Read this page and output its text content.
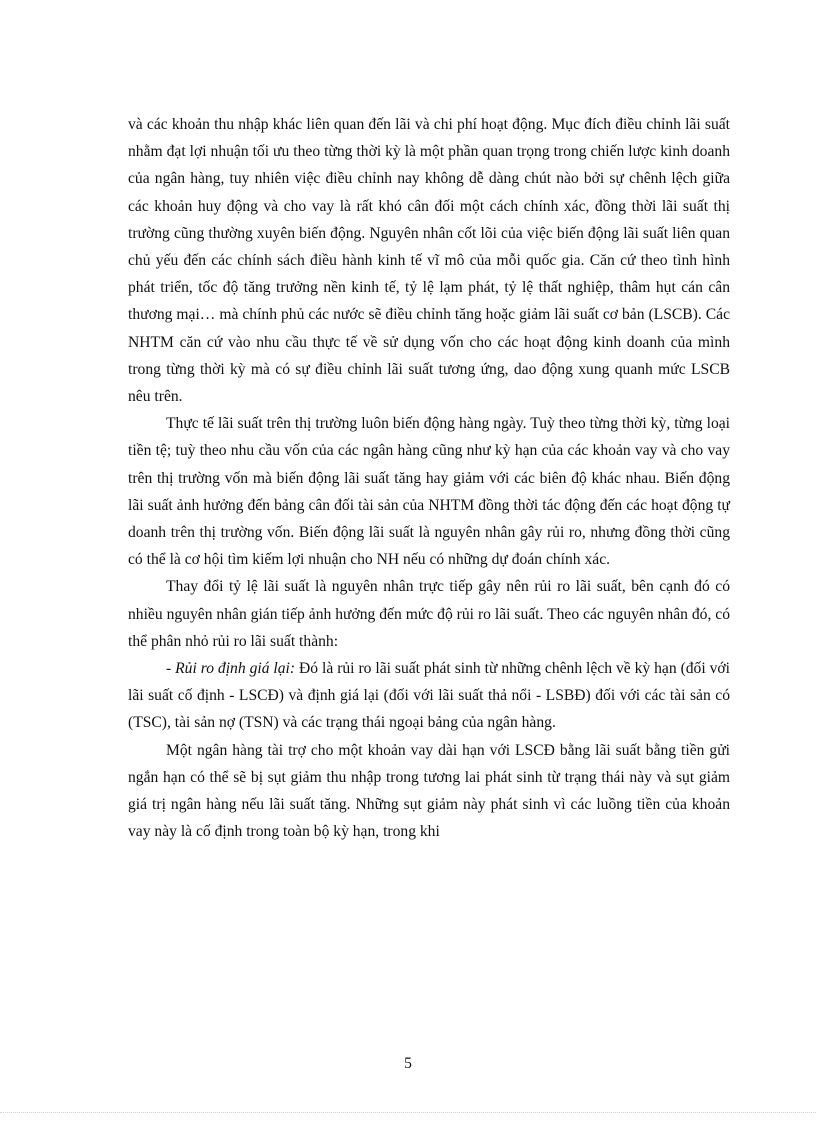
và các khoản thu nhập khác liên quan đến lãi và chi phí hoạt động. Mục đích điều chỉnh lãi suất nhằm đạt lợi nhuận tối ưu theo từng thời kỳ là một phần quan trọng trong chiến lược kinh doanh của ngân hàng, tuy nhiên việc điều chỉnh nay không dễ dàng chút nào bởi sự chênh lệch giữa các khoản huy động và cho vay là rất khó cân đối một cách chính xác, đồng thời lãi suất thị trường cũng thường xuyên biến động. Nguyên nhân cốt lõi của việc biến động lãi suất liên quan chủ yếu đến các chính sách điều hành kinh tế vĩ mô của mỗi quốc gia. Căn cứ theo tình hình phát triển, tốc độ tăng trưởng nền kinh tế, tỷ lệ lạm phát, tỷ lệ thất nghiệp, thâm hụt cán cân thương mại… mà chính phủ các nước sẽ điều chỉnh tăng hoặc giảm lãi suất cơ bản (LSCB). Các NHTM căn cứ vào nhu cầu thực tế về sử dụng vốn cho các hoạt động kinh doanh của mình trong từng thời kỳ mà có sự điều chỉnh lãi suất tương ứng, dao động xung quanh mức LSCB nêu trên.

Thực tế lãi suất trên thị trường luôn biến động hàng ngày. Tuỳ theo từng thời kỳ, từng loại tiền tệ; tuỳ theo nhu cầu vốn của các ngân hàng cũng như kỳ hạn của các khoản vay và cho vay trên thị trường vốn mà biến động lãi suất tăng hay giảm với các biên độ khác nhau. Biến động lãi suất ảnh hưởng đến bảng cân đối tài sản của NHTM đồng thời tác động đến các hoạt động tự doanh trên thị trường vốn. Biến động lãi suất là nguyên nhân gây rủi ro, nhưng đồng thời cũng có thể là cơ hội tìm kiếm lợi nhuận cho NH nếu có những dự đoán chính xác.

Thay đổi tỷ lệ lãi suất là nguyên nhân trực tiếp gây nên rủi ro lãi suất, bên cạnh đó có nhiều nguyên nhân gián tiếp ảnh hưởng đến mức độ rủi ro lãi suất. Theo các nguyên nhân đó, có thể phân nhỏ rủi ro lãi suất thành:

- Rủi ro định giá lại: Đó là rủi ro lãi suất phát sinh từ những chênh lệch về kỳ hạn (đối với lãi suất cố định - LSCĐ) và định giá lại (đối với lãi suất thả nổi - LSBĐ) đối với các tài sản có (TSC), tài sản nợ (TSN) và các trạng thái ngoại bảng của ngân hàng.

Một ngân hàng tài trợ cho một khoản vay dài hạn với LSCĐ bằng lãi suất bằng tiền gửi ngắn hạn có thể sẽ bị sụt giảm thu nhập trong tương lai phát sinh từ trạng thái này và sụt giảm giá trị ngân hàng nếu lãi suất tăng. Những sụt giảm này phát sinh vì các luồng tiền của khoản vay này là cố định trong toàn bộ kỳ hạn, trong khi

5
